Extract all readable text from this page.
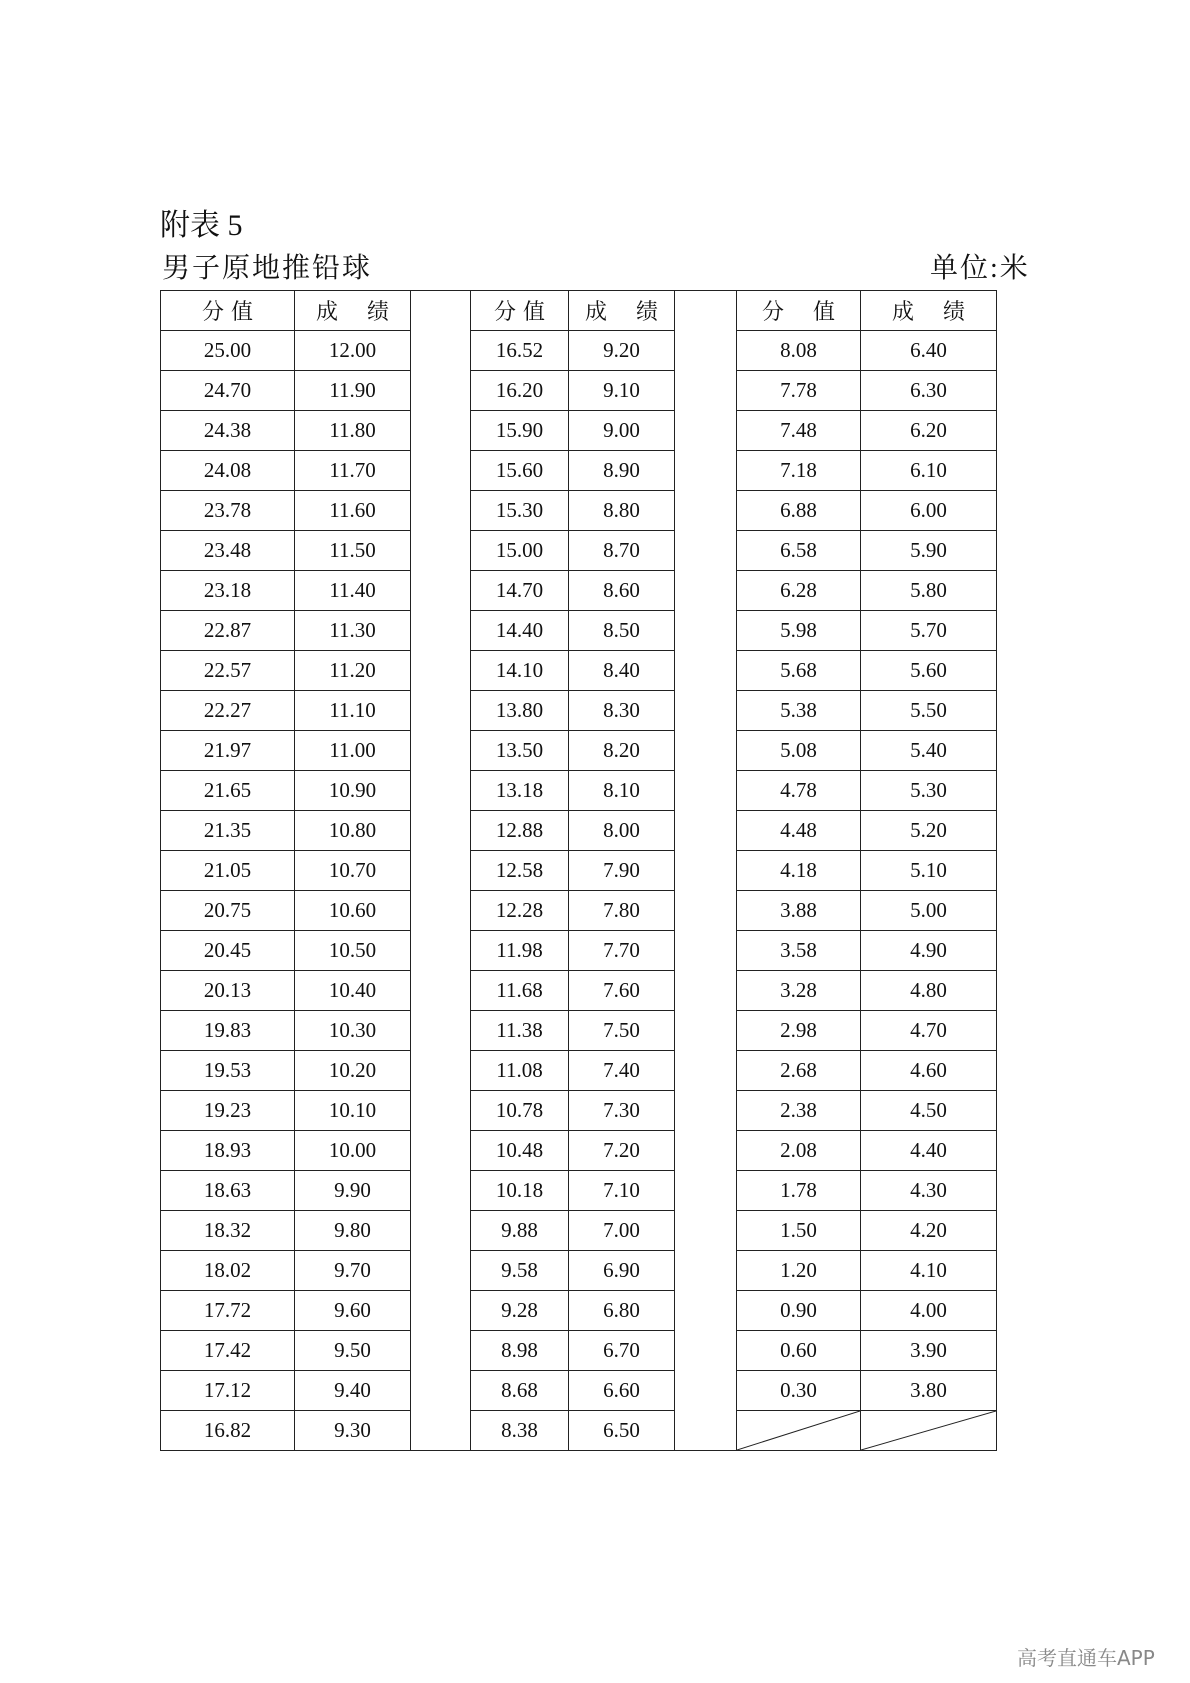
附表 5
男子原地推铅球	单位:米
分 值	成　 绩		分 值	成　 绩		分　 值	成　 绩
25.00	12.00		16.52	9.20		8.08	6.40
24.70	11.90		16.20	9.10		7.78	6.30
24.38	11.80		15.90	9.00		7.48	6.20
24.08	11.70		15.60	8.90		7.18	6.10
23.78	11.60		15.30	8.80		6.88	6.00
23.48	11.50		15.00	8.70		6.58	5.90
23.18	11.40		14.70	8.60		6.28	5.80
22.87	11.30		14.40	8.50		5.98	5.70
22.57	11.20		14.10	8.40		5.68	5.60
22.27	11.10		13.80	8.30		5.38	5.50
21.97	11.00		13.50	8.20		5.08	5.40
21.65	10.90		13.18	8.10		4.78	5.30
21.35	10.80		12.88	8.00		4.48	5.20
21.05	10.70		12.58	7.90		4.18	5.10
20.75	10.60		12.28	7.80		3.88	5.00
20.45	10.50		11.98	7.70		3.58	4.90
20.13	10.40		11.68	7.60		3.28	4.80
19.83	10.30		11.38	7.50		2.98	4.70
19.53	10.20		11.08	7.40		2.68	4.60
19.23	10.10		10.78	7.30		2.38	4.50
18.93	10.00		10.48	7.20		2.08	4.40
18.63	9.90		10.18	7.10		1.78	4.30
18.32	9.80		9.88	7.00		1.50	4.20
18.02	9.70		9.58	6.90		1.20	4.10
17.72	9.60		9.28	6.80		0.90	4.00
17.42	9.50		8.98	6.70		0.60	3.90
17.12	9.40		8.68	6.60		0.30	3.80
16.82	9.30		8.38	6.50		

高考直通车APP
